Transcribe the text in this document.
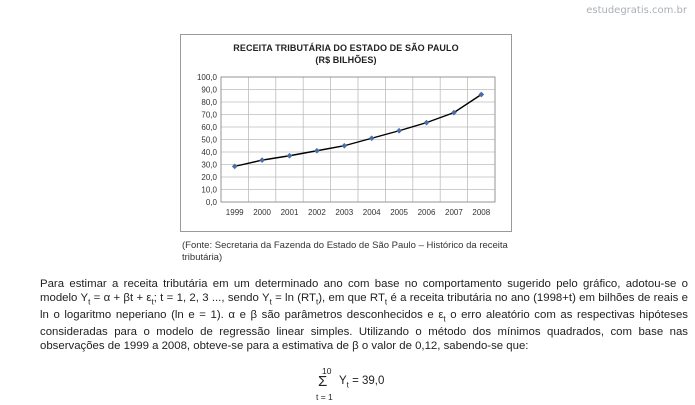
estudegratis.com.br
RECEITA TRIBUTÁRIA DO ESTADO DE SÃO PAULO
(R$ BILHÕES)
0,0
10,0
20,0
30,0
40,0
50,0
60,0
70,0
80,0
90,0
100,0
1999 2000 2001 2002 2003 2004 2005 2006 2007 2008
(Fonte: Secretaria da Fazenda do Estado de São Paulo – Histórico da receita tributária)

Para estimar a receita tributária em um determinado ano com base no comportamento sugerido pelo gráfico, adotou-se o modelo $Y_t = \alpha + \beta t + \varepsilon_t$; t = 1, 2, 3 ..., sendo $Y_t = \ln (RT_t)$, em que $RT_t$ é a receita tributária no ano (1998+t) em bilhões de reais e ln o logaritmo neperiano (ln e = 1). α e β são parâmetros desconhecidos e $\varepsilon_t$ o erro aleatório com as respectivas hipóteses consideradas para o modelo de regressão linear simples. Utilizando o método dos mínimos quadrados, com base nas observações de 1999 a 2008, obteve-se para a estimativa de β o valor de 0,12, sabendo-se que:

10
Σ
t = 1
$Y_t = 39,0$
